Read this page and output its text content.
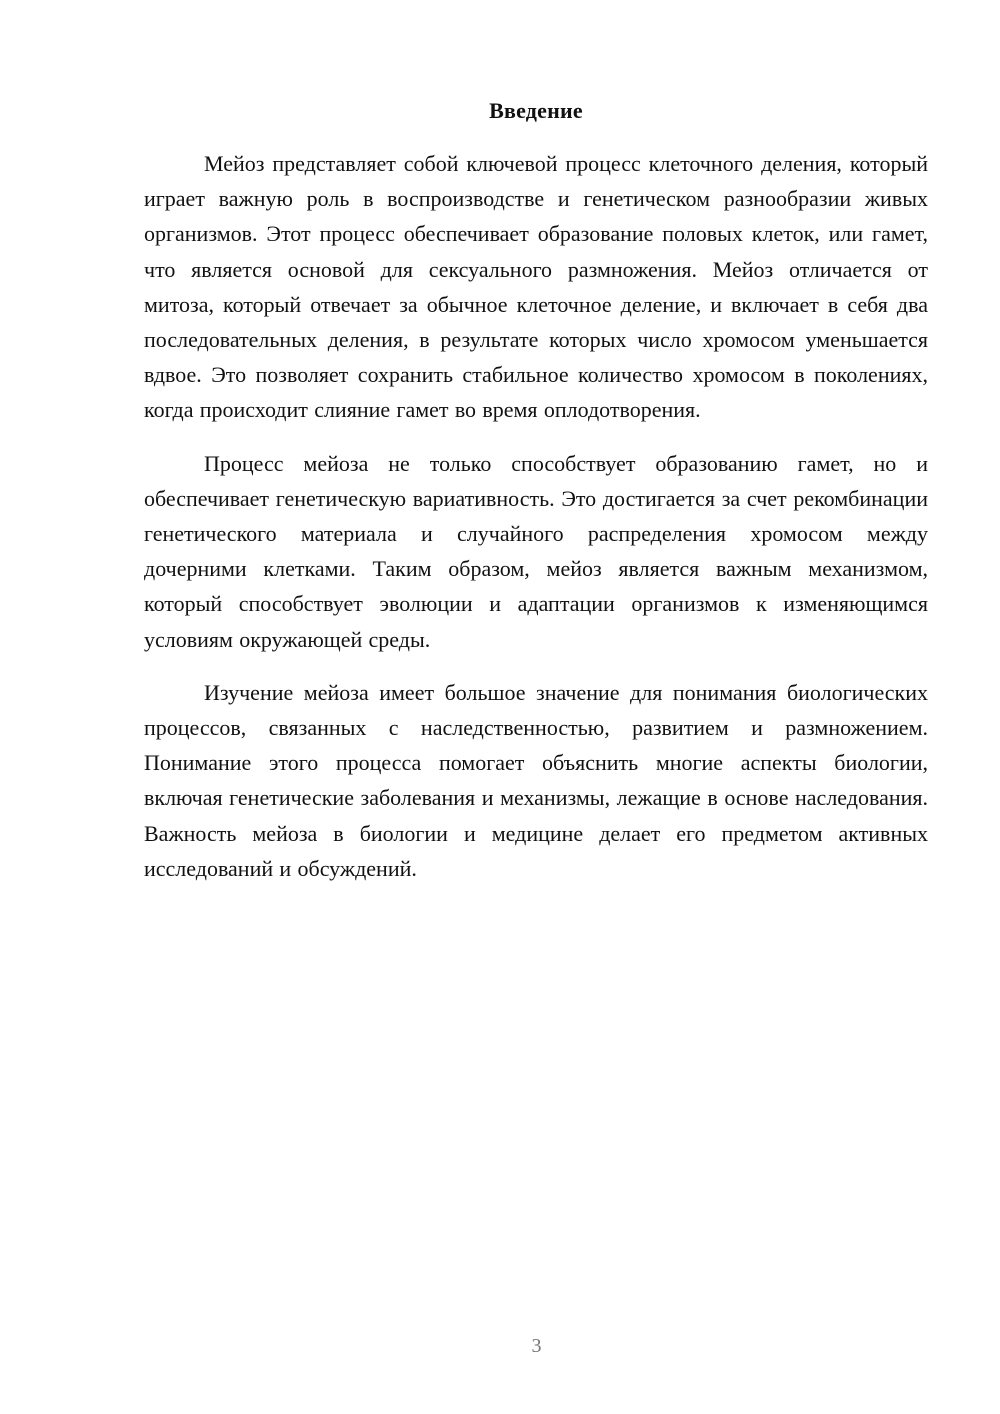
Введение

Мейоз представляет собой ключевой процесс клеточного деления, который играет важную роль в воспроизводстве и генетическом разнообразии живых организмов. Этот процесс обеспечивает образование половых клеток, или гамет, что является основой для сексуального размножения. Мейоз отличается от митоза, который отвечает за обычное клеточное деление, и включает в себя два последовательных деления, в результате которых число хромосом уменьшается вдвое. Это позволяет сохранить стабильное количество хромосом в поколениях, когда происходит слияние гамет во время оплодотворения.

Процесс мейоза не только способствует образованию гамет, но и обеспечивает генетическую вариативность. Это достигается за счет рекомбинации генетического материала и случайного распределения хромосом между дочерними клетками. Таким образом, мейоз является важным механизмом, который способствует эволюции и адаптации организмов к изменяющимся условиям окружающей среды.

Изучение мейоза имеет большое значение для понимания биологических процессов, связанных с наследственностью, развитием и размножением. Понимание этого процесса помогает объяснить многие аспекты биологии, включая генетические заболевания и механизмы, лежащие в основе наследования. Важность мейоза в биологии и медицине делает его предметом активных исследований и обсуждений.

3
